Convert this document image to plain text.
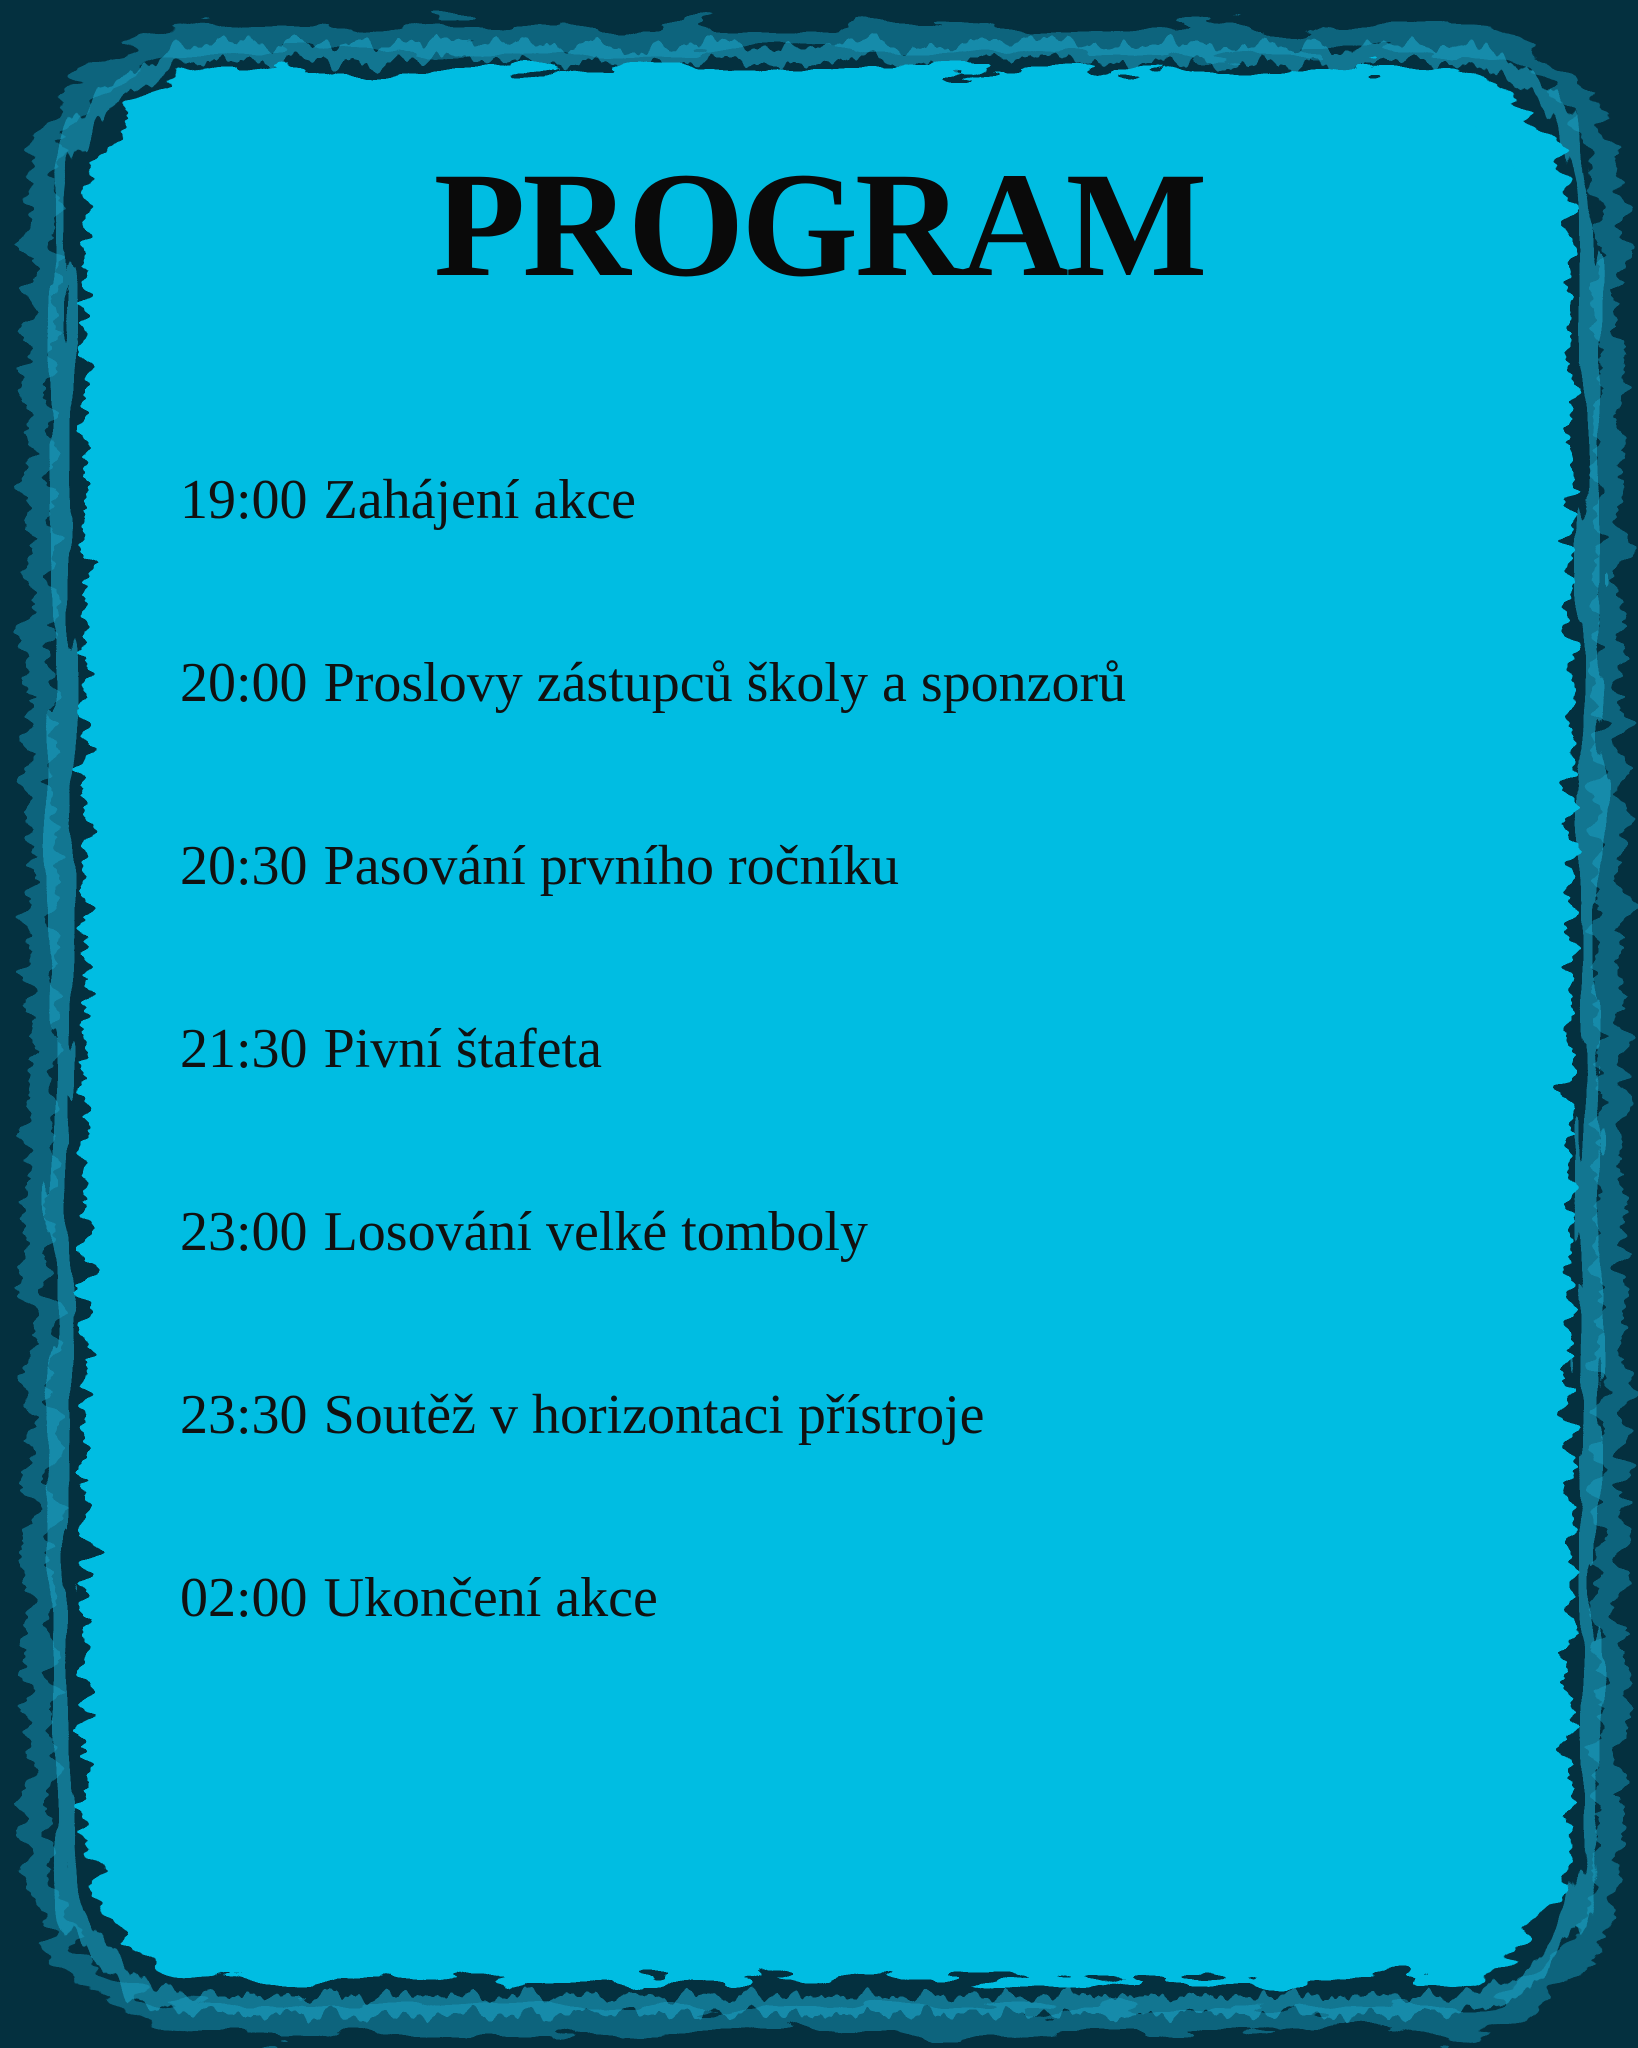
PROGRAM
19:00 Zahájení akce
20:00 Proslovy zástupců školy a sponzorů
20:30 Pasování prvního ročníku
21:30 Pivní štafeta
23:00 Losování velké tomboly
23:30 Soutěž v horizontaci přístroje
02:00 Ukončení akce
